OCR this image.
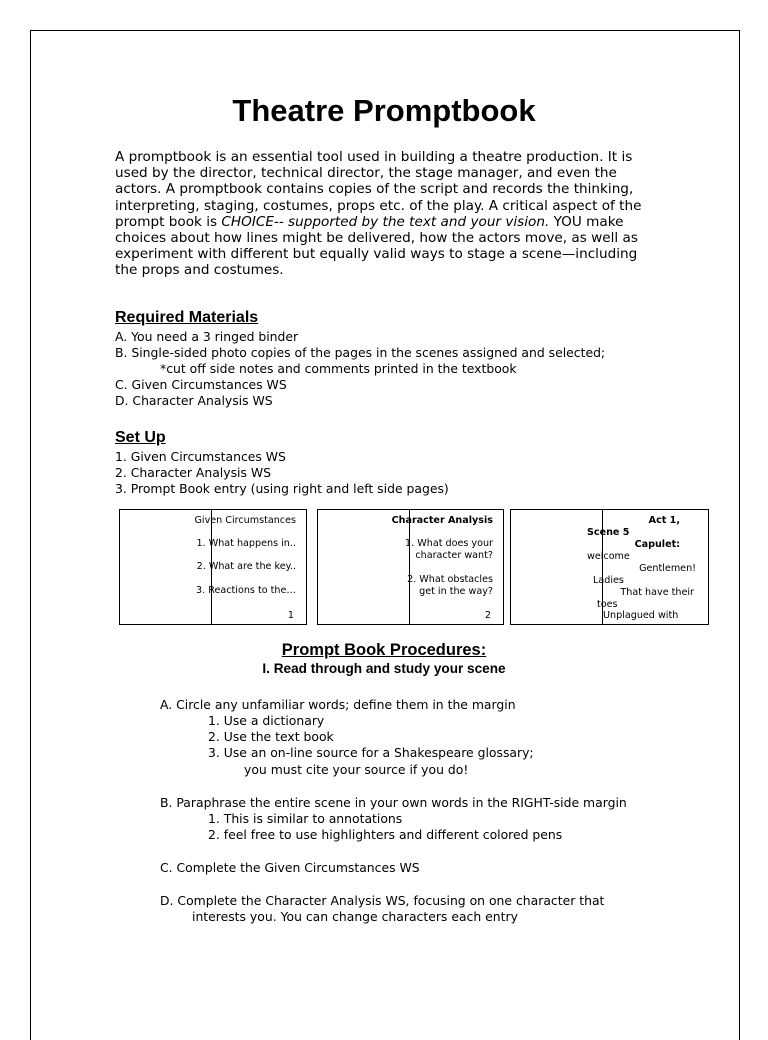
Theatre Promptbook
A promptbook is an essential tool used in building a theatre production. It is used by the director, technical director, the stage manager, and even the actors. A promptbook contains copies of the script and records the thinking, interpreting, staging, costumes, props etc. of the play. A critical aspect of the prompt book is CHOICE-- supported by the text and your vision. YOU make choices about how lines might be delivered, how the actors move, as well as experiment with different but equally valid ways to stage a scene—including the props and costumes.
Required Materials
A. You need a 3 ringed binder
B. Single-sided photo copies of the pages in the scenes assigned and selected;
*cut off side notes and comments printed in the textbook
C. Given Circumstances WS
D. Character Analysis WS
Set Up
1. Given Circumstances WS
2. Character Analysis WS
3. Prompt Book entry (using right and left side pages)
Given Circumstances
1. What happens in..
2. What are the key..
3. Reactions to the…
1
Character Analysis
1. What does your
character want?
2. What obstacles
get in the way?
2
Act 1,
Scene 5
Capulet:
welcome
Gentlemen!
Ladies
That have their
toes
Unplagued with
Prompt Book Procedures:
I. Read through and study your scene
A. Circle any unfamiliar words; define them in the margin
1. Use a dictionary
2. Use the text book
3. Use an on-line source for a Shakespeare glossary;
you must cite your source if you do!
B. Paraphrase the entire scene in your own words in the RIGHT-side margin
1. This is similar to annotations
2. feel free to use highlighters and different colored pens
C. Complete the Given Circumstances WS
D. Complete the Character Analysis WS, focusing on one character that
interests you. You can change characters each entry
